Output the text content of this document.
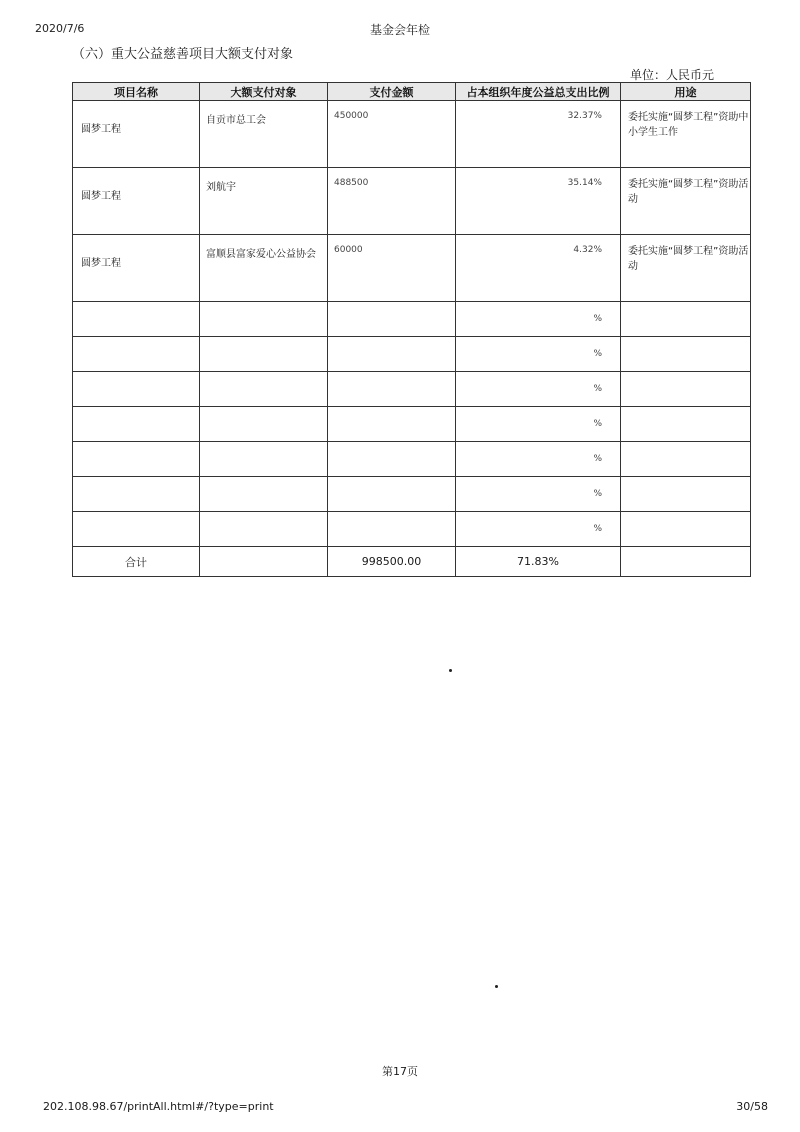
2020/7/6	基金会年检
（六）重大公益慈善项目大额支付对象
单位：人民币元
项目名称	大额支付对象	支付金额	占本组织年度公益总支出比例	用途
圆梦工程	自贡市总工会	450000	32.37%	委托实施“圆梦工程”资助中小学生工作
圆梦工程	刘航宇	488500	35.14%	委托实施“圆梦工程”资助活动
圆梦工程	富顺县富家爱心公益协会	60000	4.32%	委托实施“圆梦工程”资助活动
			%	
			%	
			%	
			%	
			%	
			%	
			%	
合计		998500.00	71.83%	
第17页
202.108.98.67/printAll.html#/?type=print	30/58
